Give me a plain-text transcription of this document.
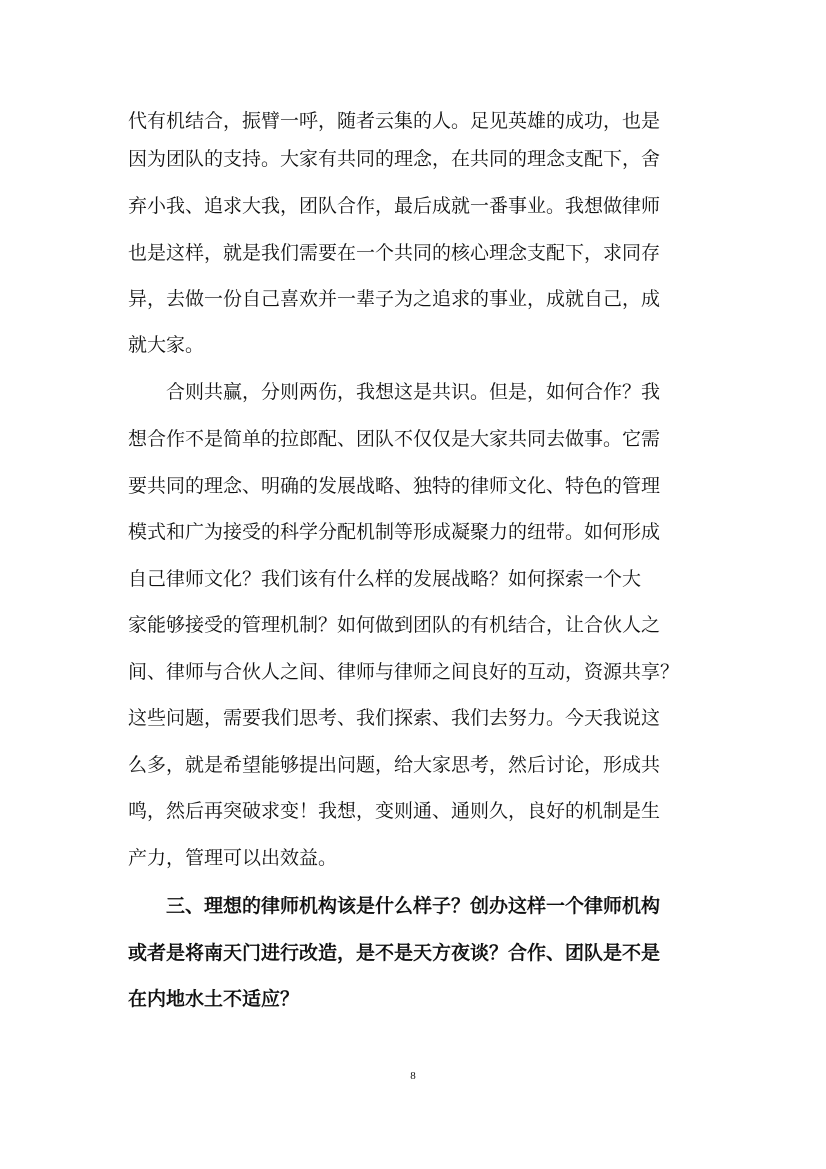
代有机结合，振臂一呼，随者云集的人。足见英雄的成功，也是
因为团队的支持。大家有共同的理念，在共同的理念支配下，舍
弃小我、追求大我，团队合作，最后成就一番事业。我想做律师
也是这样，就是我们需要在一个共同的核心理念支配下，求同存
异，去做一份自己喜欢并一辈子为之追求的事业，成就自己，成
就大家。
合则共赢，分则两伤，我想这是共识。但是，如何合作？我
想合作不是简单的拉郎配、团队不仅仅是大家共同去做事。它需
要共同的理念、明确的发展战略、独特的律师文化、特色的管理
模式和广为接受的科学分配机制等形成凝聚力的纽带。如何形成
自己律师文化？我们该有什么样的发展战略？如何探索一个大
家能够接受的管理机制？如何做到团队的有机结合，让合伙人之
间、律师与合伙人之间、律师与律师之间良好的互动，资源共享？
这些问题，需要我们思考、我们探索、我们去努力。今天我说这
么多，就是希望能够提出问题，给大家思考，然后讨论，形成共
鸣，然后再突破求变！我想，变则通、通则久，良好的机制是生
产力，管理可以出效益。
三、理想的律师机构该是什么样子？创办这样一个律师机构
或者是将南天门进行改造，是不是天方夜谈？合作、团队是不是
在内地水土不适应？
8
